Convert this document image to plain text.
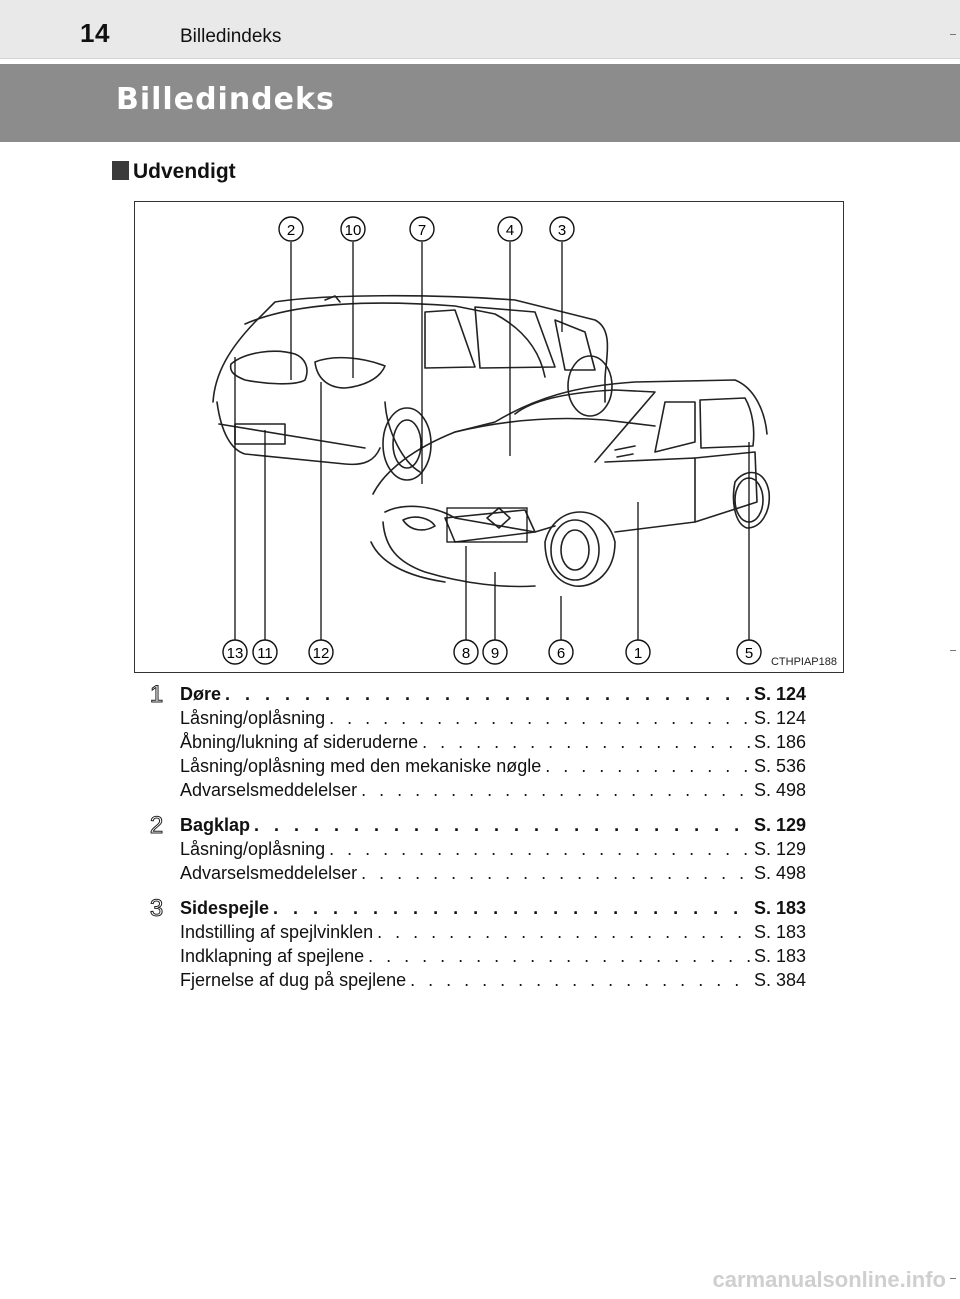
14	Billedindeks
Billedindeks
Udvendigt
2	10	7	4	3
13 11	12	8 9	6	1	5 CTHPIAP188
1 Døre . . .	S. 124
Låsning/oplåsning . . .	S. 124
Åbning/lukning af sideruderne . . .	S. 186
Låsning/oplåsning med den mekaniske nøgle . . .	S. 536
Advarselsmeddelelser . . .	S. 498
2 Bagklap . . .	S. 129
Låsning/oplåsning . . .	S. 129
Advarselsmeddelelser . . .	S. 498
3 Sidespejle . . .	S. 183
Indstilling af spejlvinklen . . .	S. 183
Indklapning af spejlene . . .	S. 183
Fjernelse af dug på spejlene . . .	S. 384
carmanualsonline.info
